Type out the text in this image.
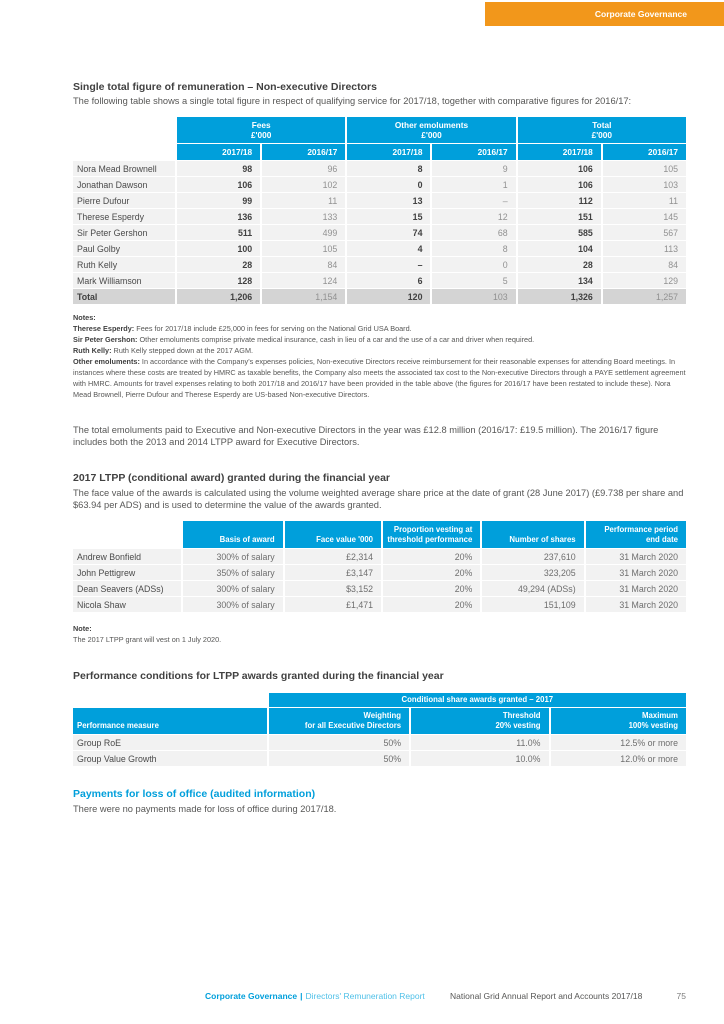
Corporate Governance
Single total figure of remuneration – Non-executive Directors

The following table shows a single total figure in respect of qualifying service for 2017/18, together with comparative figures for 2016/17:

	Fees
£'000		Other emoluments
£'000		Total
£'000	
	2017/18	2016/17	2017/18	2016/17	2017/18	2016/17
Nora Mead Brownell	98	96	8	9	106	105
Jonathan Dawson	106	102	0	1	106	103
Pierre Dufour	99	11	13	–	112	11
Therese Esperdy	136	133	15	12	151	145
Sir Peter Gershon	511	499	74	68	585	567
Paul Golby	100	105	4	8	104	113
Ruth Kelly	28	84	–	0	28	84
Mark Williamson	128	124	6	5	134	129
Total	1,206	1,154	120	103	1,326	1,257
Notes:
Therese Esperdy: Fees for 2017/18 include £25,000 in fees for serving on the National Grid USA Board.
Sir Peter Gershon: Other emoluments comprise private medical insurance, cash in lieu of a car and the use of a car and driver when required.
Ruth Kelly: Ruth Kelly stepped down at the 2017 AGM.
Other emoluments: In accordance with the Company's expenses policies, Non-executive Directors receive reimbursement for their reasonable expenses for attending Board meetings. In instances where these costs are treated by HMRC as taxable benefits, the Company also meets the associated tax cost to the Non-executive Directors through a PAYE settlement agreement with HMRC. Amounts for travel expenses relating to both 2017/18 and 2016/17 have been provided in the table above (the figures for 2016/17 have been restated to include these). Nora Mead Brownell, Pierre Dufour and Therese Esperdy are US-based Non-executive Directors.

The total emoluments paid to Executive and Non-executive Directors in the year was £12.8 million (2016/17: £19.5 million). The 2016/17 figure includes both the 2013 and 2014 LTPP award for Executive Directors.

2017 LTPP (conditional award) granted during the financial year

The face value of the awards is calculated using the volume weighted average share price at the date of grant (28 June 2017) (£9.738 per share and $63.94 per ADS) and is used to determine the value of the awards granted.

	Basis of award	Face value '000	Proportion vesting at
threshold performance	Number of shares	Performance period
end date
Andrew Bonfield	300% of salary	£2,314	20%	237,610	31 March 2020
John Pettigrew	350% of salary	£3,147	20%	323,205	31 March 2020
Dean Seavers (ADSs)	300% of salary	$3,152	20%	49,294 (ADSs)	31 March 2020
Nicola Shaw	300% of salary	£1,471	20%	151,109	31 March 2020
Note:
The 2017 LTPP grant will vest on 1 July 2020.
Performance conditions for LTPP awards granted during the financial year
	Conditional share awards granted – 2017		
Performance measure	Weighting
for all Executive Directors	Threshold
20% vesting	Maximum
100% vesting
Group RoE	50%	11.0%	12.5% or more
Group Value Growth	50%	10.0%	12.0% or more
Payments for loss of office (audited information)

There were no payments made for loss of office during 2017/18.

Corporate Governance | Directors' Remuneration Report	National Grid Annual Report and Accounts 2017/18	75
